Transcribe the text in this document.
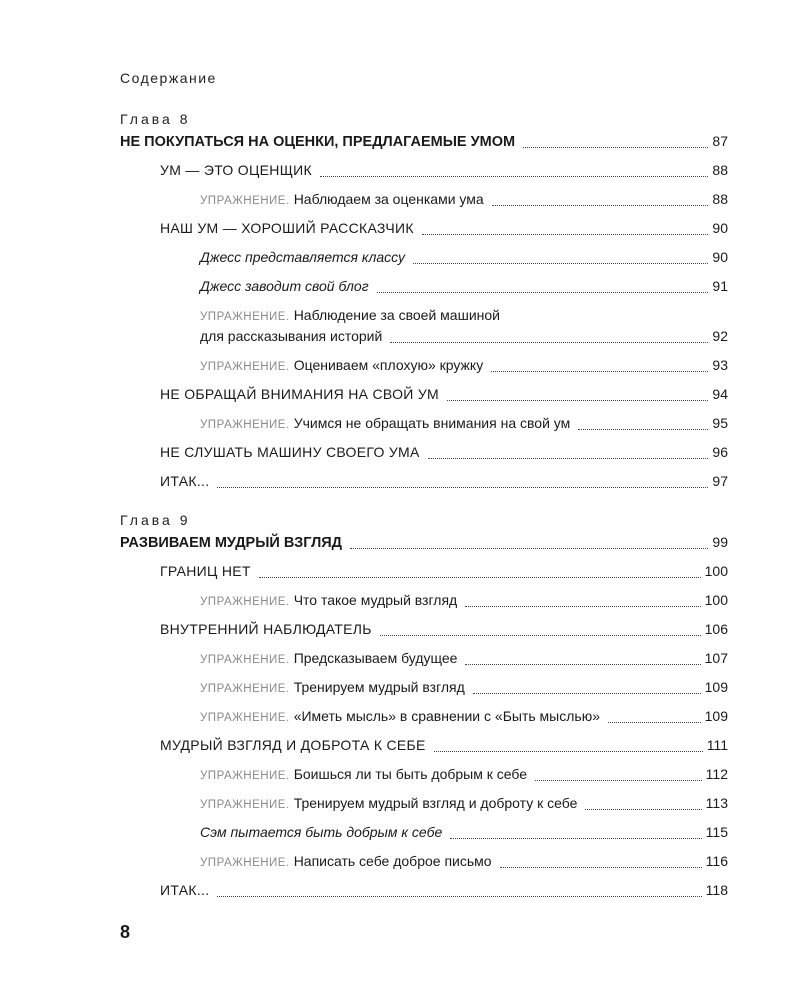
Содержание
Глава 8
НЕ ПОКУПАТЬСЯ НА ОЦЕНКИ, ПРЕДЛАГАЕМЫЕ УМОМ	87
УМ — ЭТО ОЦЕНЩИК	88
УПРАЖНЕНИЕ. Наблюдаем за оценками ума	88
НАШ УМ — ХОРОШИЙ РАССКАЗЧИК	90
Джесс представляется классу	90
Джесс заводит свой блог	91
УПРАЖНЕНИЕ. Наблюдение за своей машиной
для рассказывания историй	92
УПРАЖНЕНИЕ. Оцениваем «плохую» кружку	93
НЕ ОБРАЩАЙ ВНИМАНИЯ НА СВОЙ УМ	94
УПРАЖНЕНИЕ. Учимся не обращать внимания на свой ум	95
НЕ СЛУШАТЬ МАШИНУ СВОЕГО УМА	96
ИТАК...	97
Глава 9
РАЗВИВАЕМ МУДРЫЙ ВЗГЛЯД	99
ГРАНИЦ НЕТ	100
УПРАЖНЕНИЕ. Что такое мудрый взгляд	100
ВНУТРЕННИЙ НАБЛЮДАТЕЛЬ	106
УПРАЖНЕНИЕ. Предсказываем будущее	107
УПРАЖНЕНИЕ. Тренируем мудрый взгляд	109
УПРАЖНЕНИЕ. «Иметь мысль» в сравнении с «Быть мыслью»	109
МУДРЫЙ ВЗГЛЯД И ДОБРОТА К СЕБЕ	111
УПРАЖНЕНИЕ. Боишься ли ты быть добрым к себе	112
УПРАЖНЕНИЕ. Тренируем мудрый взгляд и доброту к себе	113
Сэм пытается быть добрым к себе	115
УПРАЖНЕНИЕ. Написать себе доброе письмо	116
ИТАК...	118
8
